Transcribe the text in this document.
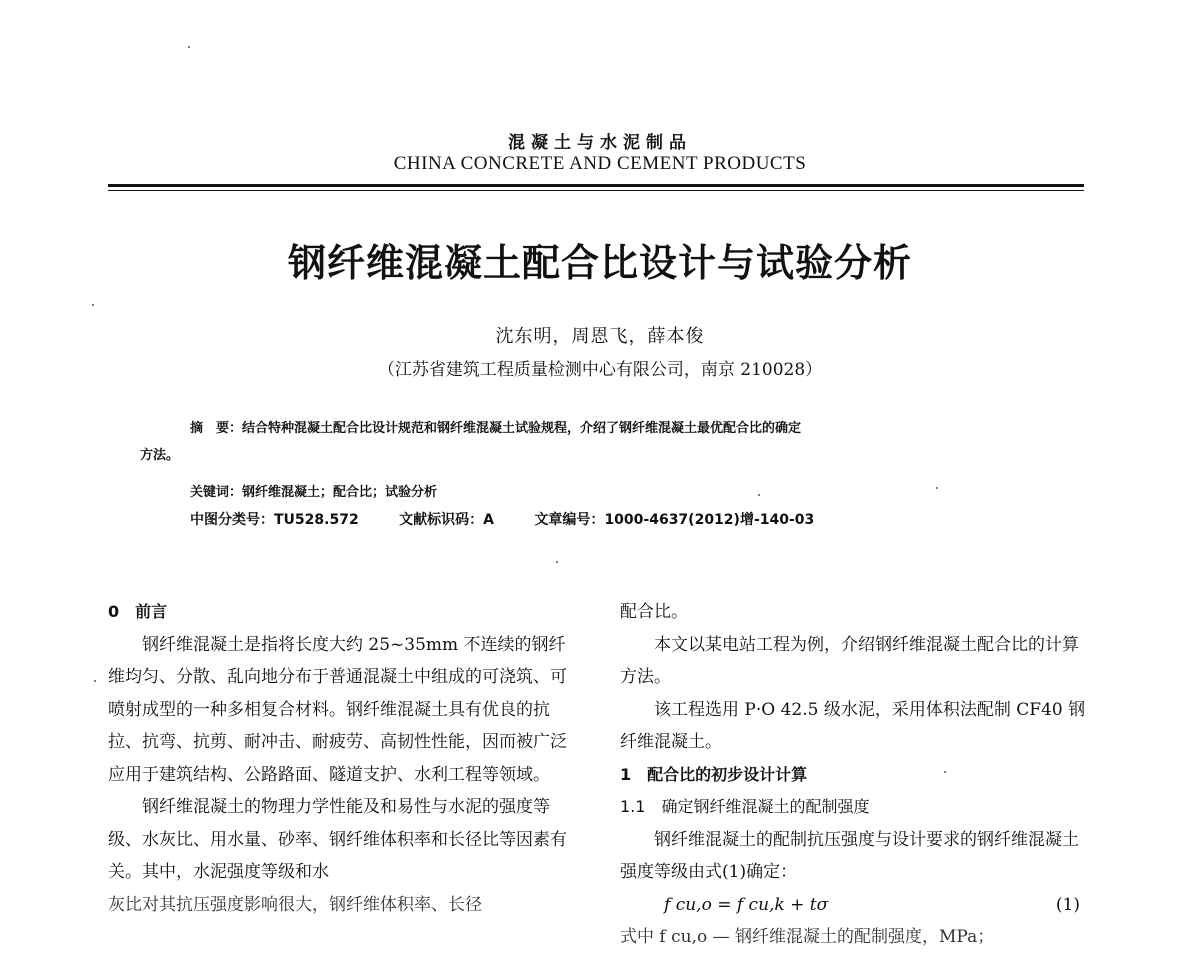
混凝土与水泥制品
CHINA CONCRETE AND CEMENT PRODUCTS
钢纤维混凝土配合比设计与试验分析
沈东明，周恩飞，薛本俊
（江苏省建筑工程质量检测中心有限公司，南京 210028）
摘　要：结合特种混凝土配合比设计规范和钢纤维混凝土试验规程，介绍了钢纤维混凝土最优配合比的确定
方法。
关键词：钢纤维混凝土；配合比；试验分析
中图分类号：TU528.572	文献标识码：A	文章编号：1000-4637(2012)增-140-03

0　前言

钢纤维混凝土是指将长度大约 25~35mm 不连续的钢纤维均匀、分散、乱向地分布于普通混凝土中组成的可浇筑、可喷射成型的一种多相复合材料。钢纤维混凝土具有优良的抗拉、抗弯、抗剪、耐冲击、耐疲劳、高韧性性能，因而被广泛应用于建筑结构、公路路面、隧道支护、水利工程等领域。

钢纤维混凝土的物理力学性能及和易性与水泥的强度等级、水灰比、用水量、砂率、钢纤维体积率和长径比等因素有关。其中，水泥强度等级和水

灰比对其抗压强度影响很大，钢纤维体积率、长径

配合比。

本文以某电站工程为例，介绍钢纤维混凝土配合比的计算方法。

该工程选用 P·O 42.5 级水泥，采用体积法配制 CF40 钢纤维混凝土。

1　配合比的初步设计计算

1.1　确定钢纤维混凝土的配制强度

钢纤维混凝土的配制抗压强度与设计要求的钢纤维混凝土强度等级由式(1)确定：

f cu,o = f cu,k + tσ	(1)

式中 f cu,o — 钢纤维混凝土的配制强度，MPa；
